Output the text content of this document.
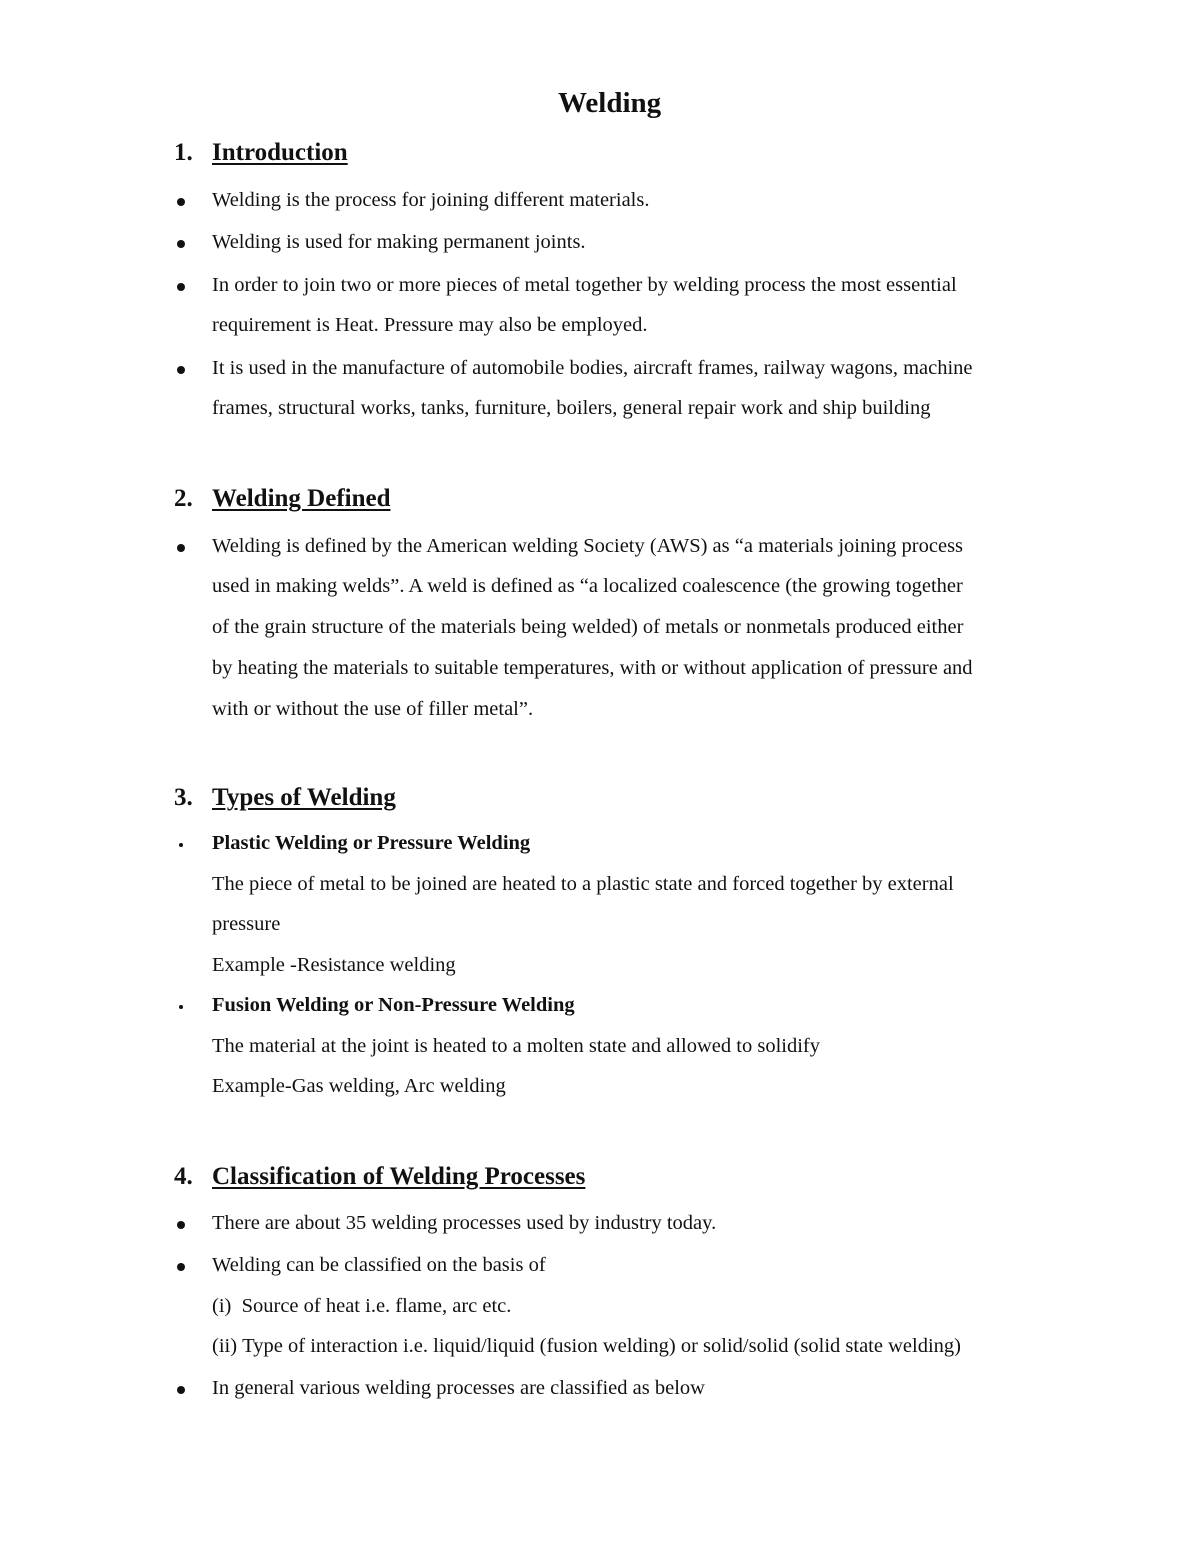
Welding
1. Introduction
Welding is the process for joining different materials.
Welding is used for making permanent joints.
In order to join two or more pieces of metal together by welding process the most essential
requirement is Heat. Pressure may also be employed.
It is used in the manufacture of automobile bodies, aircraft frames, railway wagons, machine
frames, structural works, tanks, furniture, boilers, general repair work and ship building
2. Welding Defined
Welding is defined by the American welding Society (AWS) as “a materials joining process
used in making welds”. A weld is defined as “a localized coalescence (the growing together
of the grain structure of the materials being welded) of metals or nonmetals produced either
by heating the materials to suitable temperatures, with or without application of pressure and
with or without the use of filler metal”.
3. Types of Welding
Plastic Welding or Pressure Welding
The piece of metal to be joined are heated to a plastic state and forced together by external
pressure
Example -Resistance welding
Fusion Welding or Non-Pressure Welding
The material at the joint is heated to a molten state and allowed to solidify
Example-Gas welding, Arc welding
4. Classification of Welding Processes
There are about 35 welding processes used by industry today.
Welding can be classified on the basis of
(i) Source of heat i.e. flame, arc etc.
(ii) Type of interaction i.e. liquid/liquid (fusion welding) or solid/solid (solid state welding)
In general various welding processes are classified as below
